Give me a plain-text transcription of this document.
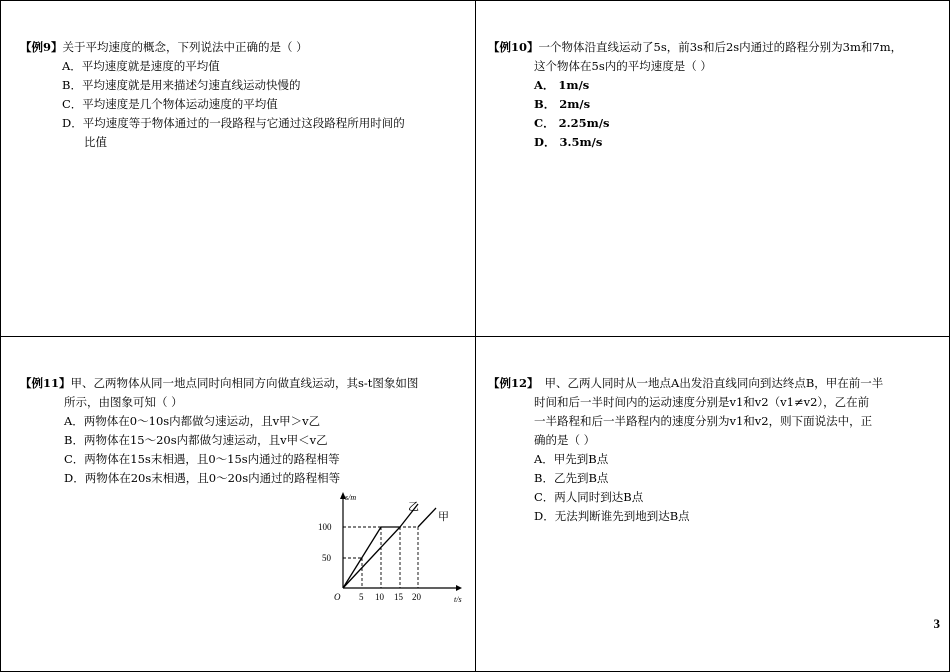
【例9】关于平均速度的概念，下列说法中正确的是（ ）
A．平均速度就是速度的平均值
B．平均速度就是用来描述匀速直线运动快慢的
C．平均速度是几个物体运动速度的平均值
D．平均速度等于物体通过的一段路程与它通过这段路程所用时间的
比值
【例10】一个物体沿直线运动了5s，前3s和后2s内通过的路程分别为3m和7m，
这个物体在5s内的平均速度是（ ）
A． 1m/s
B． 2m/s
C． 2.25m/s
D． 3.5m/s
【例11】甲、乙两物体从同一地点同时向相同方向做直线运动，其s-t图象如图
所示，由图象可知（ ）
A．两物体在0～10s内都做匀速运动，且v甲＞v乙
B．两物体在15～20s内都做匀速运动，且v甲＜v乙
C．两物体在15s末相遇，且0～15s内通过的路程相等
D．两物体在20s末相遇，且0～20s内通过的路程相等
s/m
t/s
O
50
100
5 10 15 20
乙
甲
【例12】 甲、乙两人同时从一地点A出发沿直线同向到达终点B，甲在前一半
时间和后一半时间内的运动速度分别是v1和v2（v1≠v2），乙在前
一半路程和后一半路程内的速度分别为v1和v2，则下面说法中，正
确的是（ ）
A．甲先到B点
B．乙先到B点
C．两人同时到达B点
D．无法判断谁先到地到达B点
3
